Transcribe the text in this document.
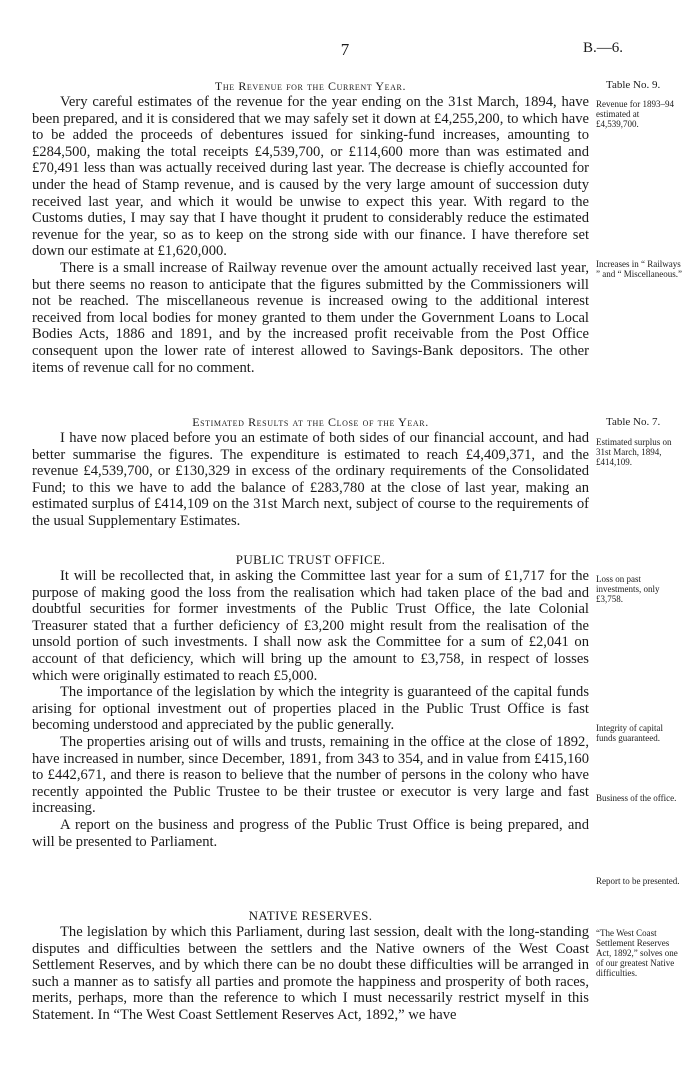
7	B.—6.

The Revenue for the Current Year.

Very careful estimates of the revenue for the year ending on the 31st March, 1894, have been prepared, and it is considered that we may safely set it down at £4,255,200, to which have to be added the proceeds of debentures issued for sinking-fund increases, amounting to £284,500, making the total receipts £4,539,700, or £114,600 more than was estimated and £70,491 less than was actually received during last year. The decrease is chiefly accounted for under the head of Stamp revenue, and is caused by the very large amount of succession duty received last year, and which it would be unwise to expect this year. With regard to the Customs duties, I may say that I have thought it prudent to considerably reduce the estimated revenue for the year, so as to keep on the strong side with our finance. I have therefore set down our estimate at £1,620,000.

There is a small increase of Railway revenue over the amount actually received last year, but there seems no reason to anticipate that the figures submitted by the Commissioners will not be reached. The miscellaneous revenue is increased owing to the additional interest received from local bodies for money granted to them under the Government Loans to Local Bodies Acts, 1886 and 1891, and by the increased profit receivable from the Post Office consequent upon the lower rate of interest allowed to Savings-Bank depositors. The other items of revenue call for no comment.

Table No. 9.
Revenue for 1893–94 estimated at £4,539,700.
Increases in “ Railways ” and “ Miscellaneous.”

Estimated Results at the Close of the Year.

I have now placed before you an estimate of both sides of our financial account, and had better summarise the figures. The expenditure is estimated to reach £4,409,371, and the revenue £4,539,700, or £130,329 in excess of the ordinary requirements of the Consolidated Fund; to this we have to add the balance of £283,780 at the close of last year, making an estimated surplus of £414,109 on the 31st March next, subject of course to the requirements of the usual Supplementary Estimates.

Table No. 7.
Estimated surplus on 31st March, 1894, £414,109.

PUBLIC TRUST OFFICE.

It will be recollected that, in asking the Committee last year for a sum of £1,717 for the purpose of making good the loss from the realisation which had taken place of the bad and doubtful securities for former investments of the Public Trust Office, the late Colonial Treasurer stated that a further deficiency of £3,200 might result from the realisation of the unsold portion of such investments. I shall now ask the Committee for a sum of £2,041 on account of that deficiency, which will bring up the amount to £3,758, in respect of losses which were originally estimated to reach £5,000.

The importance of the legislation by which the integrity is guaranteed of the capital funds arising for optional investment out of properties placed in the Public Trust Office is fast becoming understood and appreciated by the public generally.

The properties arising out of wills and trusts, remaining in the office at the close of 1892, have increased in number, since December, 1891, from 343 to 354, and in value from £415,160 to £442,671, and there is reason to believe that the number of persons in the colony who have recently appointed the Public Trustee to be their trustee or executor is very large and fast increasing.

A report on the business and progress of the Public Trust Office is being prepared, and will be presented to Parliament.

Loss on past investments, only £3,758.
Integrity of capital funds guaranteed.
Business of the office.
Report to be presented.

NATIVE RESERVES.

The legislation by which this Parliament, during last session, dealt with the long-standing disputes and difficulties between the settlers and the Native owners of the West Coast Settlement Reserves, and by which there can be no doubt these difficulties will be arranged in such a manner as to satisfy all parties and promote the happiness and prosperity of both races, merits, perhaps, more than the reference to which I must necessarily restrict myself in this Statement. In “The West Coast Settlement Reserves Act, 1892,” we have

“The West Coast Settlement Reserves Act, 1892,” solves one of our greatest Native difficulties.
